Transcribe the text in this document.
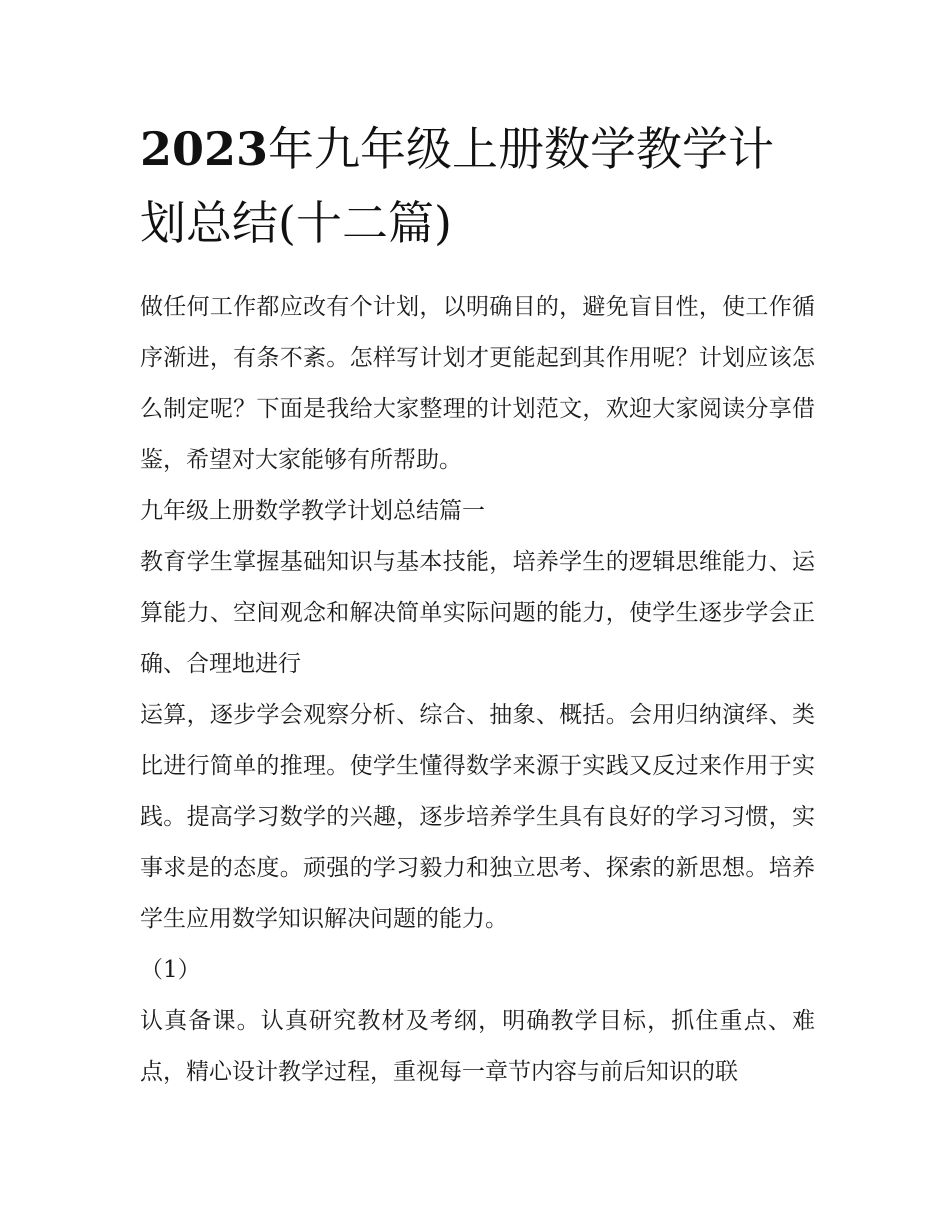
2023年九年级上册数学教学计划总结(十二篇)

做任何工作都应改有个计划，以明确目的，避免盲目性，使工作循序渐进，有条不紊。怎样写计划才更能起到其作用呢？计划应该怎么制定呢？下面是我给大家整理的计划范文，欢迎大家阅读分享借鉴，希望对大家能够有所帮助。

九年级上册数学教学计划总结篇一

教育学生掌握基础知识与基本技能，培养学生的逻辑思维能力、运算能力、空间观念和解决简单实际问题的能力，使学生逐步学会正确、合理地进行

运算，逐步学会观察分析、综合、抽象、概括。会用归纳演绎、类比进行简单的推理。使学生懂得数学来源于实践又反过来作用于实践。提高学习数学的兴趣，逐步培养学生具有良好的学习习惯，实事求是的态度。顽强的学习毅力和独立思考、探索的新思想。培养学生应用数学知识解决问题的能力。

（1）

认真备课。认真研究教材及考纲，明确教学目标，抓住重点、难点，精心设计教学过程，重视每一章节内容与前后知识的联
